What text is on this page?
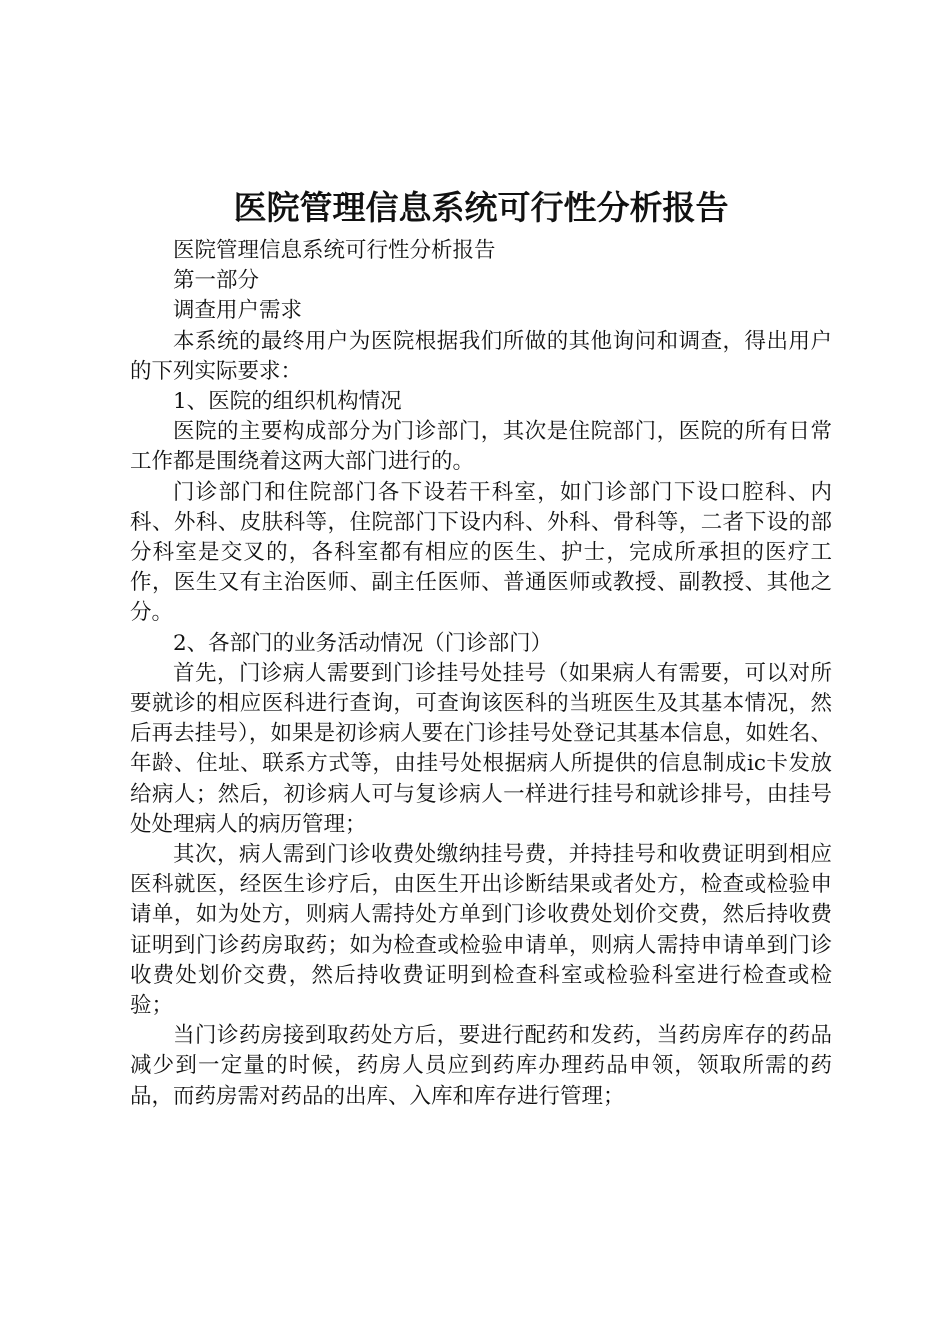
医院管理信息系统可行性分析报告

医院管理信息系统可行性分析报告

第一部分

调查用户需求

本系统的最终用户为医院根据我们所做的其他询问和调查，得出用户的下列实际要求：

1、医院的组织机构情况

医院的主要构成部分为门诊部门，其次是住院部门，医院的所有日常工作都是围绕着这两大部门进行的。

门诊部门和住院部门各下设若干科室，如门诊部门下设口腔科、内科、外科、皮肤科等，住院部门下设内科、外科、骨科等，二者下设的部分科室是交叉的，各科室都有相应的医生、护士，完成所承担的医疗工作，医生又有主治医师、副主任医师、普通医师或教授、副教授、其他之分。

2、各部门的业务活动情况（门诊部门）

首先，门诊病人需要到门诊挂号处挂号（如果病人有需要，可以对所要就诊的相应医科进行查询，可查询该医科的当班医生及其基本情况，然后再去挂号），如果是初诊病人要在门诊挂号处登记其基本信息，如姓名、年龄、住址、联系方式等，由挂号处根据病人所提供的信息制成ic卡发放给病人；然后，初诊病人可与复诊病人一样进行挂号和就诊排号，由挂号处处理病人的病历管理；

其次，病人需到门诊收费处缴纳挂号费，并持挂号和收费证明到相应医科就医，经医生诊疗后，由医生开出诊断结果或者处方，检查或检验申请单，如为处方，则病人需持处方单到门诊收费处划价交费，然后持收费证明到门诊药房取药；如为检查或检验申请单，则病人需持申请单到门诊收费处划价交费，然后持收费证明到检查科室或检验科室进行检查或检验；

当门诊药房接到取药处方后，要进行配药和发药，当药房库存的药品减少到一定量的时候，药房人员应到药库办理药品申领，领取所需的药品，而药房需对药品的出库、入库和库存进行管理；
